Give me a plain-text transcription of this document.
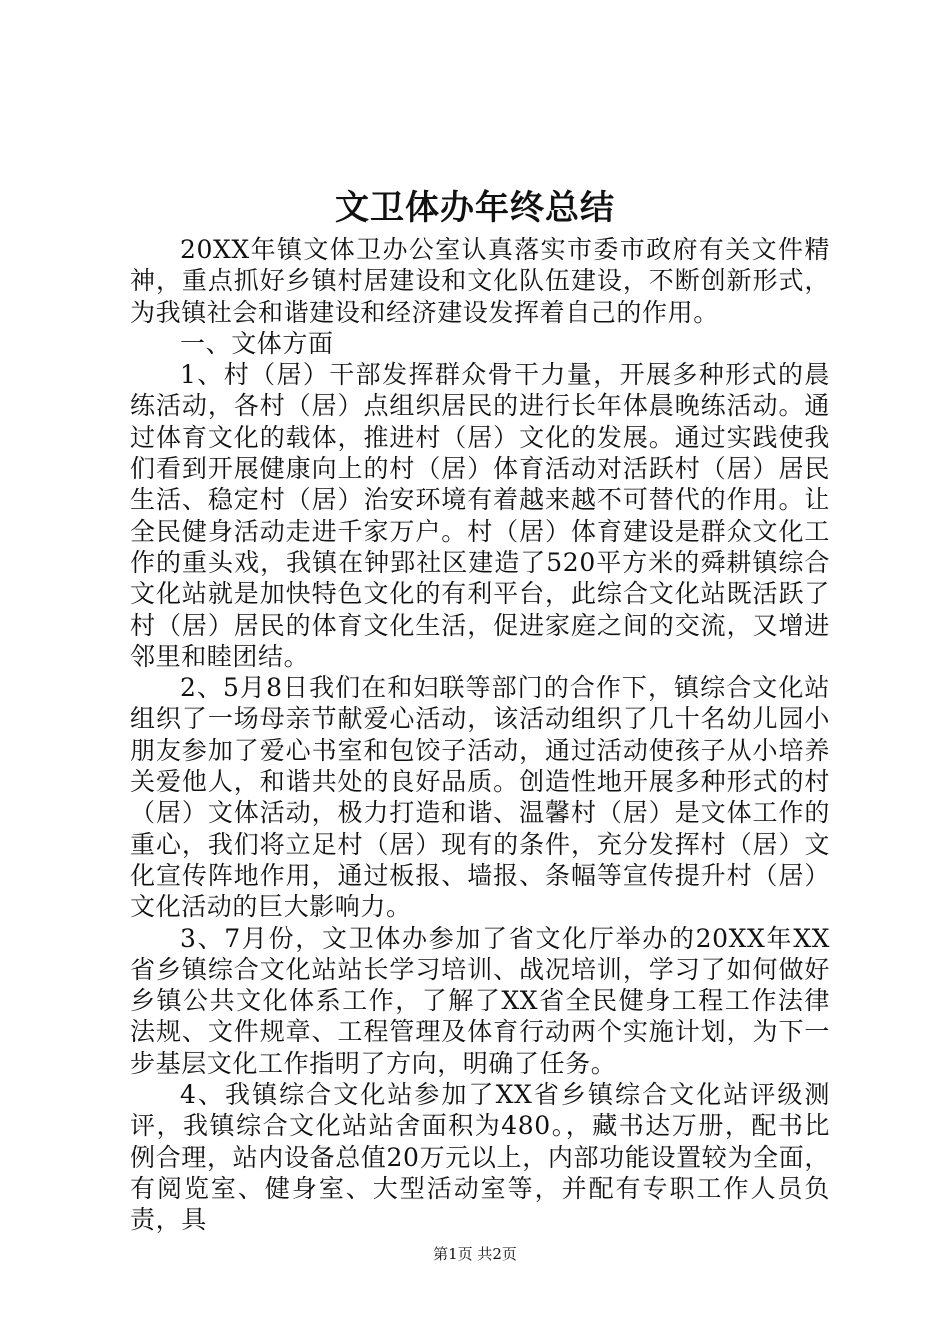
文卫体办年终总结

20XX年镇文体卫办公室认真落实市委市政府有关文件精神，重点抓好乡镇村居建设和文化队伍建设，不断创新形式，为我镇社会和谐建设和经济建设发挥着自己的作用。

一、文体方面

1、村（居）干部发挥群众骨干力量，开展多种形式的晨练活动，各村（居）点组织居民的进行长年体晨晚练活动。通过体育文化的载体，推进村（居）文化的发展。通过实践使我们看到开展健康向上的村（居）体育活动对活跃村（居）居民生活、稳定村（居）治安环境有着越来越不可替代的作用。让全民健身活动走进千家万户。村（居）体育建设是群众文化工作的重头戏，我镇在钟郢社区建造了520平方米的舜耕镇综合文化站就是加快特色文化的有利平台，此综合文化站既活跃了村（居）居民的体育文化生活，促进家庭之间的交流，又增进邻里和睦团结。

2、5月8日我们在和妇联等部门的合作下，镇综合文化站组织了一场母亲节献爱心活动，该活动组织了几十名幼儿园小朋友参加了爱心书室和包饺子活动，通过活动使孩子从小培养关爱他人，和谐共处的良好品质。创造性地开展多种形式的村（居）文体活动，极力打造和谐、温馨村（居）是文体工作的重心，我们将立足村（居）现有的条件，充分发挥村（居）文化宣传阵地作用，通过板报、墙报、条幅等宣传提升村（居）文化活动的巨大影响力。

3、7月份，文卫体办参加了省文化厅举办的20XX年XX省乡镇综合文化站站长学习培训、战况培训，学习了如何做好乡镇公共文化体系工作，了解了XX省全民健身工程工作法律法规、文件规章、工程管理及体育行动两个实施计划，为下一步基层文化工作指明了方向，明确了任务。

4、我镇综合文化站参加了XX省乡镇综合文化站评级测评，我镇综合文化站站舍面积为480。，藏书达万册，配书比例合理，站内设备总值20万元以上，内部功能设置较为全面，有阅览室、健身室、大型活动室等，并配有专职工作人员负责，具

第1页 共2页
